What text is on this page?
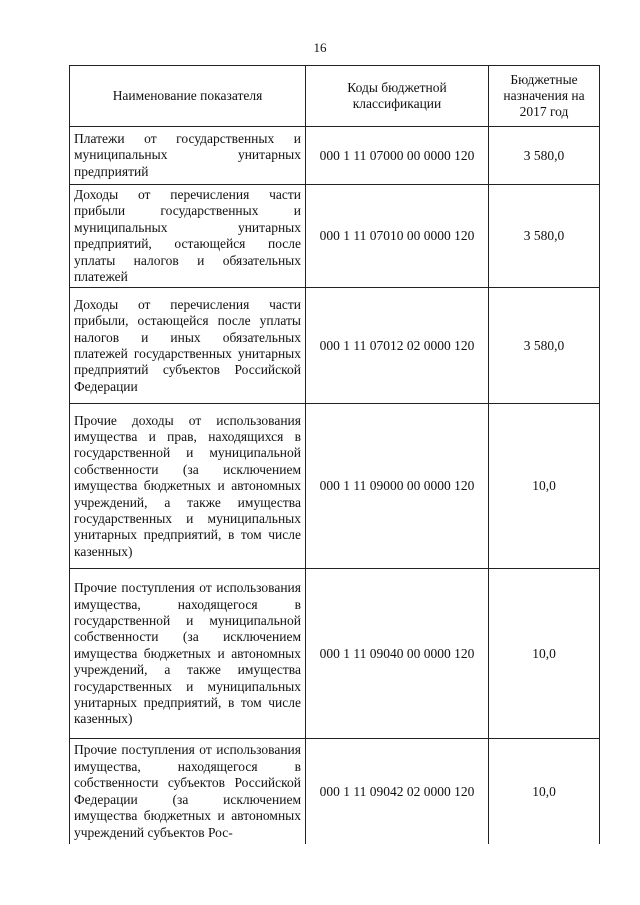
16
Наименование показателя	Коды бюджетной классификации	Бюджетные назначения на 2017 год
Платежи от государственных и муниципальных унитарных предприятий	000 1 11 07000 00 0000 120	3 580,0
Доходы от перечисления части прибыли государственных и муниципальных унитарных предприятий, остающейся после уплаты налогов и обязательных платежей	000 1 11 07010 00 0000 120	3 580,0
Доходы от перечисления части прибыли, остающейся после уплаты налогов и иных обязательных платежей государственных унитарных предприятий субъектов Российской Федерации	000 1 11 07012 02 0000 120	3 580,0
Прочие доходы от использования имущества и прав, находящихся в государственной и муниципальной собственности (за исключением имущества бюджетных и автономных учреждений, а также имущества государственных и муниципальных унитарных предприятий, в том числе казенных)	000 1 11 09000 00 0000 120	10,0
Прочие поступления от использования имущества, находящегося в государственной и муниципальной собственности (за исключением имущества бюджетных и автономных учреждений, а также имущества государственных и муниципальных унитарных предприятий, в том числе казенных)	000 1 11 09040 00 0000 120	10,0
Прочие поступления от использования имущества, находящегося в собственности субъектов Российской Федерации (за исключением имущества бюджетных и автономных учреждений субъектов Рос-	000 1 11 09042 02 0000 120	10,0
